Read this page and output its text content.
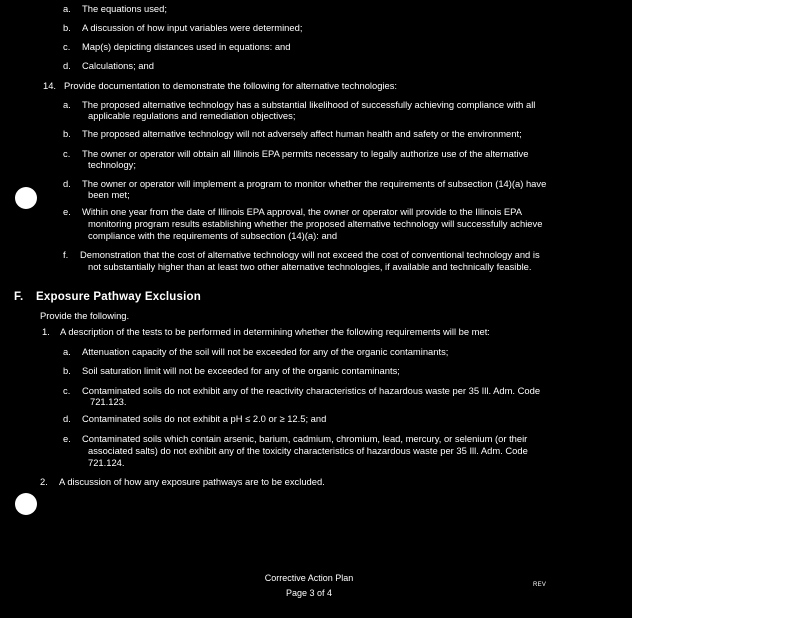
a. The equations used;
b. A discussion of how input variables were determined;
c. Map(s) depicting distances used in equations: and
d. Calculations; and
14. Provide documentation to demonstrate the following for alternative technologies:
a. The proposed alternative technology has a substantial likelihood of successfully achieving compliance with all
applicable regulations and remediation objectives;
b. The proposed alternative technology will not adversely affect human health and safety or the environment;
c. The owner or operator will obtain all Illinois EPA permits necessary to legally authorize use of the alternative
technology;
d. The owner or operator will implement a program to monitor whether the requirements of subsection (14)(a) have
been met;
e. Within one year from the date of Illinois EPA approval, the owner or operator will provide to the Illinois EPA
monitoring program results establishing whether the proposed alternative technology will successfully achieve
compliance with the requirements of subsection (14)(a): and
f. Demonstration that the cost of alternative technology will not exceed the cost of conventional technology and is
not substantially higher than at least two other alternative technologies, if available and technically feasible.
F. Exposure Pathway Exclusion
Provide the following.
1. A description of the tests to be performed in determining whether the following requirements will be met:
a. Attenuation capacity of the soil will not be exceeded for any of the organic contaminants;
b. Soil saturation limit will not be exceeded for any of the organic contaminants;
c. Contaminated soils do not exhibit any of the reactivity characteristics of hazardous waste per 35 Ill. Adm. Code
721.123.
d. Contaminated soils do not exhibit a pH ≤ 2.0 or ≥ 12.5; and
e. Contaminated soils which contain arsenic, barium, cadmium, chromium, lead, mercury, or selenium (or their
associated salts) do not exhibit any of the toxicity characteristics of hazardous waste per 35 Ill. Adm. Code
721.124.
2. A discussion of how any exposure pathways are to be excluded.
Corrective Action Plan
Page 3 of 4
REV
